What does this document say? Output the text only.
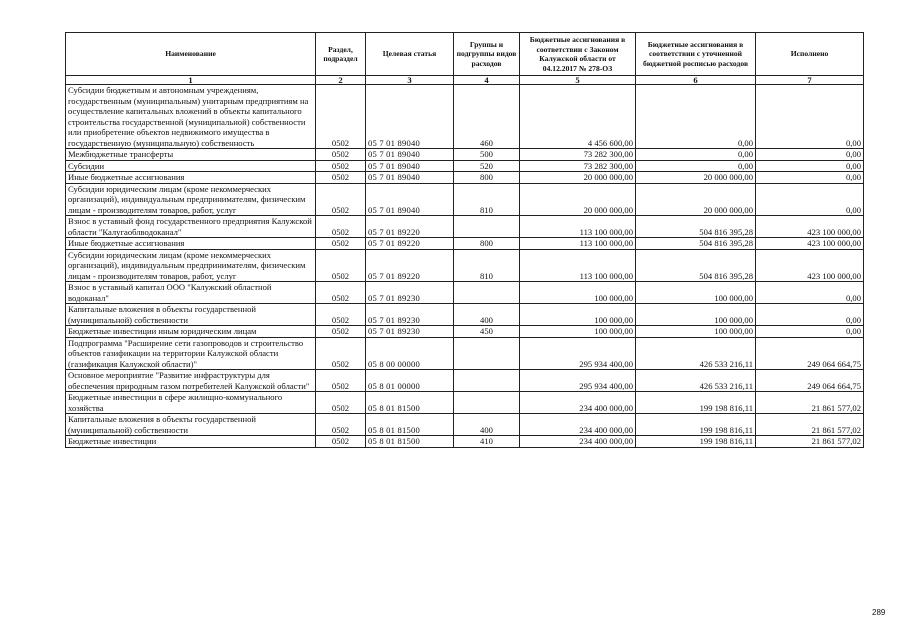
Наименование	Раздел, подраздел	Целевая статья	Группы и подгруппы видов расходов	Бюджетные ассигнования в соответствии с Законом Калужской области от 04.12.2017 № 278-ОЗ	Бюджетные ассигнования в соответствии с уточненной бюджетной росписью расходов	Исполнено
1	2	3	4	5	6	7
Субсидии бюджетным и автономным учреждениям, государственным (муниципальным) унитарным предприятиям на осуществление капитальных вложений в объекты капитального строительства государственной (муниципальной) собственности или приобретение объектов недвижимого имущества в государственную (муниципальную) собственность	0502	05 7 01 89040	460	4 456 600,00	0,00	0,00
Межбюджетные трансферты	0502	05 7 01 89040	500	73 282 300,00	0,00	0,00
Субсидии	0502	05 7 01 89040	520	73 282 300,00	0,00	0,00
Иные бюджетные ассигнования	0502	05 7 01 89040	800	20 000 000,00	20 000 000,00	0,00
Субсидии юридическим лицам (кроме некоммерческих организаций), индивидуальным предпринимателям, физическим лицам - производителям товаров, работ, услуг	0502	05 7 01 89040	810	20 000 000,00	20 000 000,00	0,00
Взнос в уставный фонд государственного предприятия Калужской области "Калугаоблводоканал"	0502	05 7 01 89220		113 100 000,00	504 816 395,28	423 100 000,00
Иные бюджетные ассигнования	0502	05 7 01 89220	800	113 100 000,00	504 816 395,28	423 100 000,00
Субсидии юридическим лицам (кроме некоммерческих организаций), индивидуальным предпринимателям, физическим лицам - производителям товаров, работ, услуг	0502	05 7 01 89220	810	113 100 000,00	504 816 395,28	423 100 000,00
Взнос в уставный капитал ООО "Калужский областной водоканал"	0502	05 7 01 89230		100 000,00	100 000,00	0,00
Капитальные вложения в объекты государственной (муниципальной) собственности	0502	05 7 01 89230	400	100 000,00	100 000,00	0,00
Бюджетные инвестиции иным юридическим лицам	0502	05 7 01 89230	450	100 000,00	100 000,00	0,00
Подпрограмма "Расширение сети газопроводов и строительство объектов газификации на территории Калужской области (газификация Калужской области)"	0502	05 8 00 00000		295 934 400,00	426 533 216,11	249 064 664,75
Основное мероприятие "Развитие инфраструктуры для обеспечения природным газом потребителей Калужской области"	0502	05 8 01 00000		295 934 400,00	426 533 216,11	249 064 664,75
Бюджетные инвестиции в сфере жилищно-коммунального хозяйства	0502	05 8 01 81500		234 400 000,00	199 198 816,11	21 861 577,02
Капитальные вложения в объекты государственной (муниципальной) собственности	0502	05 8 01 81500	400	234 400 000,00	199 198 816,11	21 861 577,02
Бюджетные инвестиции	0502	05 8 01 81500	410	234 400 000,00	199 198 816,11	21 861 577,02
289
